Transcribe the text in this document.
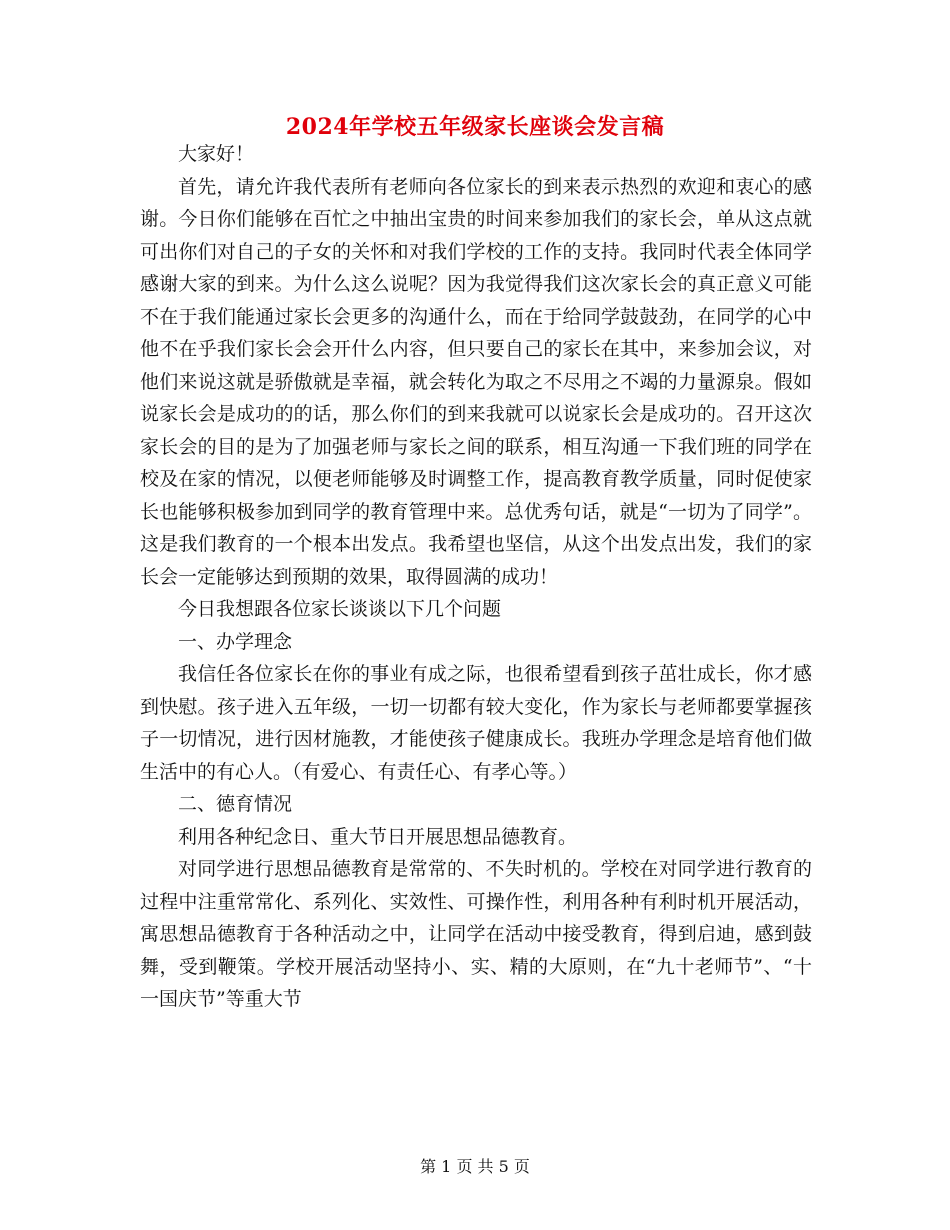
2024年学校五年级家长座谈会发言稿

大家好！

首先，请允许我代表所有老师向各位家长的到来表示热烈的欢迎和衷心的感谢。今日你们能够在百忙之中抽出宝贵的时间来参加我们的家长会，单从这点就可出你们对自己的子女的关怀和对我们学校的工作的支持。我同时代表全体同学感谢大家的到来。为什么这么说呢？因为我觉得我们这次家长会的真正意义可能不在于我们能通过家长会更多的沟通什么，而在于给同学鼓鼓劲，在同学的心中他不在乎我们家长会会开什么内容，但只要自己的家长在其中，来参加会议，对他们来说这就是骄傲就是幸福，就会转化为取之不尽用之不竭的力量源泉。假如说家长会是成功的的话，那么你们的到来我就可以说家长会是成功的。召开这次家长会的目的是为了加强老师与家长之间的联系，相互沟通一下我们班的同学在校及在家的情况，以便老师能够及时调整工作，提高教育教学质量，同时促使家长也能够积极参加到同学的教育管理中来。总优秀句话，就是“一切为了同学”。这是我们教育的一个根本出发点。我希望也坚信，从这个出发点出发，我们的家长会一定能够达到预期的效果，取得圆满的成功！

今日我想跟各位家长谈谈以下几个问题

一、办学理念

我信任各位家长在你的事业有成之际，也很希望看到孩子茁壮成长，你才感到快慰。孩子进入五年级，一切一切都有较大变化，作为家长与老师都要掌握孩子一切情况，进行因材施教，才能使孩子健康成长。我班办学理念是培育他们做生活中的有心人。（有爱心、有责任心、有孝心等。）

二、德育情况

利用各种纪念日、重大节日开展思想品德教育。

对同学进行思想品德教育是常常的、不失时机的。学校在对同学进行教育的过程中注重常常化、系列化、实效性、可操作性，利用各种有利时机开展活动，寓思想品德教育于各种活动之中，让同学在活动中接受教育，得到启迪，感到鼓舞，受到鞭策。学校开展活动坚持小、实、精的大原则，在“九十老师节”、“十一国庆节”等重大节

第 1 页 共 5 页
